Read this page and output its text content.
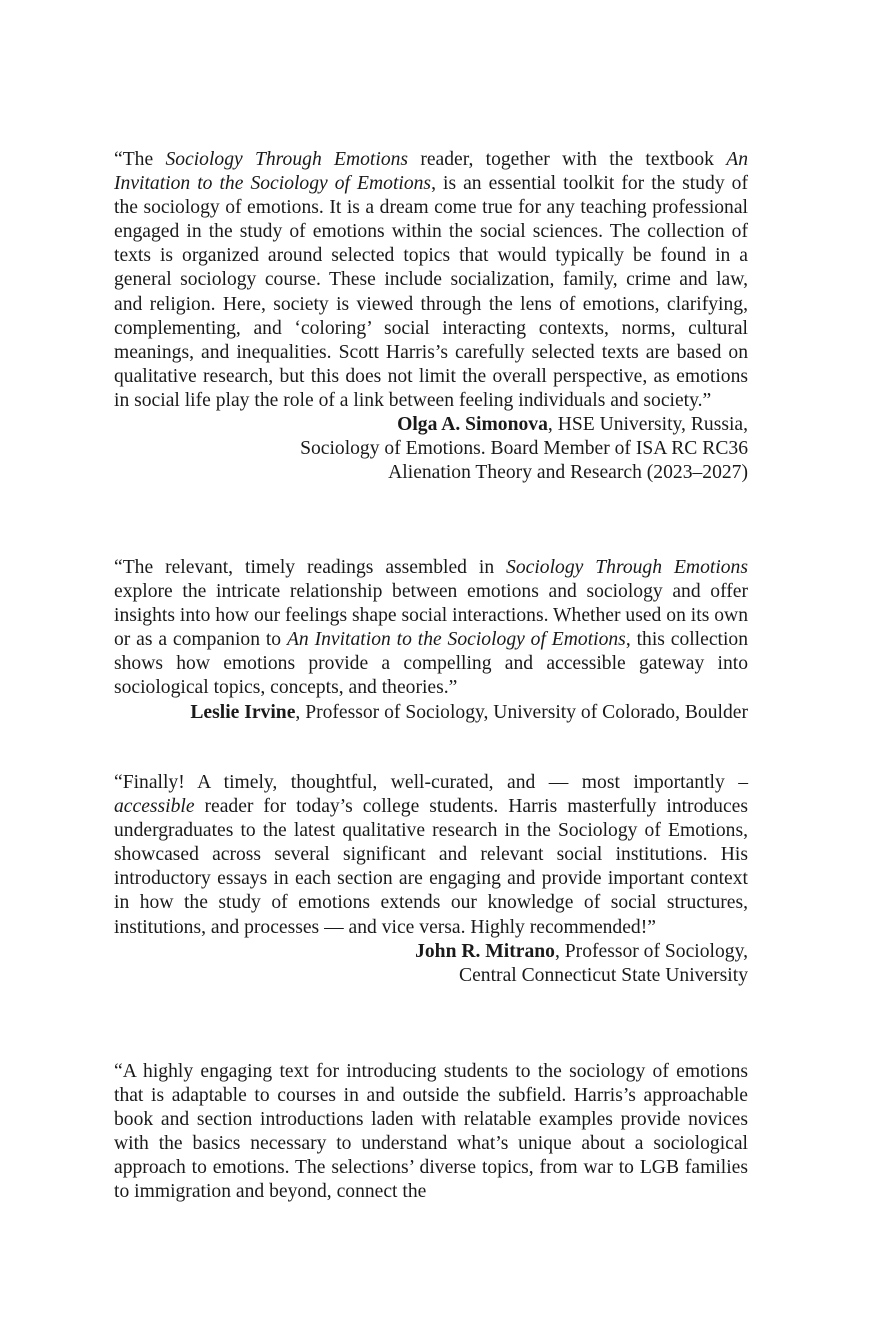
“The Sociology Through Emotions reader, together with the textbook An Invitation to the Sociology of Emotions, is an essential toolkit for the study of the sociology of emotions. It is a dream come true for any teaching professional engaged in the study of emotions within the social sciences. The collection of texts is organized around selected topics that would typically be found in a general sociology course. These include socialization, family, crime and law, and religion. Here, society is viewed through the lens of emotions, clarifying, complementing, and ‘coloring’ social interacting contexts, norms, cultural meanings, and inequalities. Scott Harris’s carefully selected texts are based on qualitative research, but this does not limit the overall perspective, as emotions in social life play the role of a link between feeling individuals and society.”

Olga A. Simonova, HSE University, Russia,

Sociology of Emotions. Board Member of ISA RC RC36

Alienation Theory and Research (2023–2027)

“The relevant, timely readings assembled in Sociology Through Emotions explore the intricate relationship between emotions and sociology and offer insights into how our feelings shape social interactions. Whether used on its own or as a companion to An Invitation to the Sociology of Emotions, this collection shows how emotions provide a compelling and accessible gateway into sociological topics, concepts, and theories.”

Leslie Irvine, Professor of Sociology, University of Colorado, Boulder

“Finally! A timely, thoughtful, well-curated, and — most importantly – accessible reader for today’s college students. Harris masterfully introduces undergraduates to the latest qualitative research in the Sociology of Emotions, showcased across several significant and relevant social institutions. His introductory essays in each section are engaging and provide important context in how the study of emotions extends our knowledge of social structures, institutions, and processes — and vice versa. Highly recommended!”

John R. Mitrano, Professor of Sociology,

Central Connecticut State University

“A highly engaging text for introducing students to the sociology of emotions that is adaptable to courses in and outside the subfield. Harris’s approachable book and section introductions laden with relatable examples provide novices with the basics necessary to understand what’s unique about a sociological approach to emotions. The selections’ diverse topics, from war to LGB families to immigration and beyond, connect the
